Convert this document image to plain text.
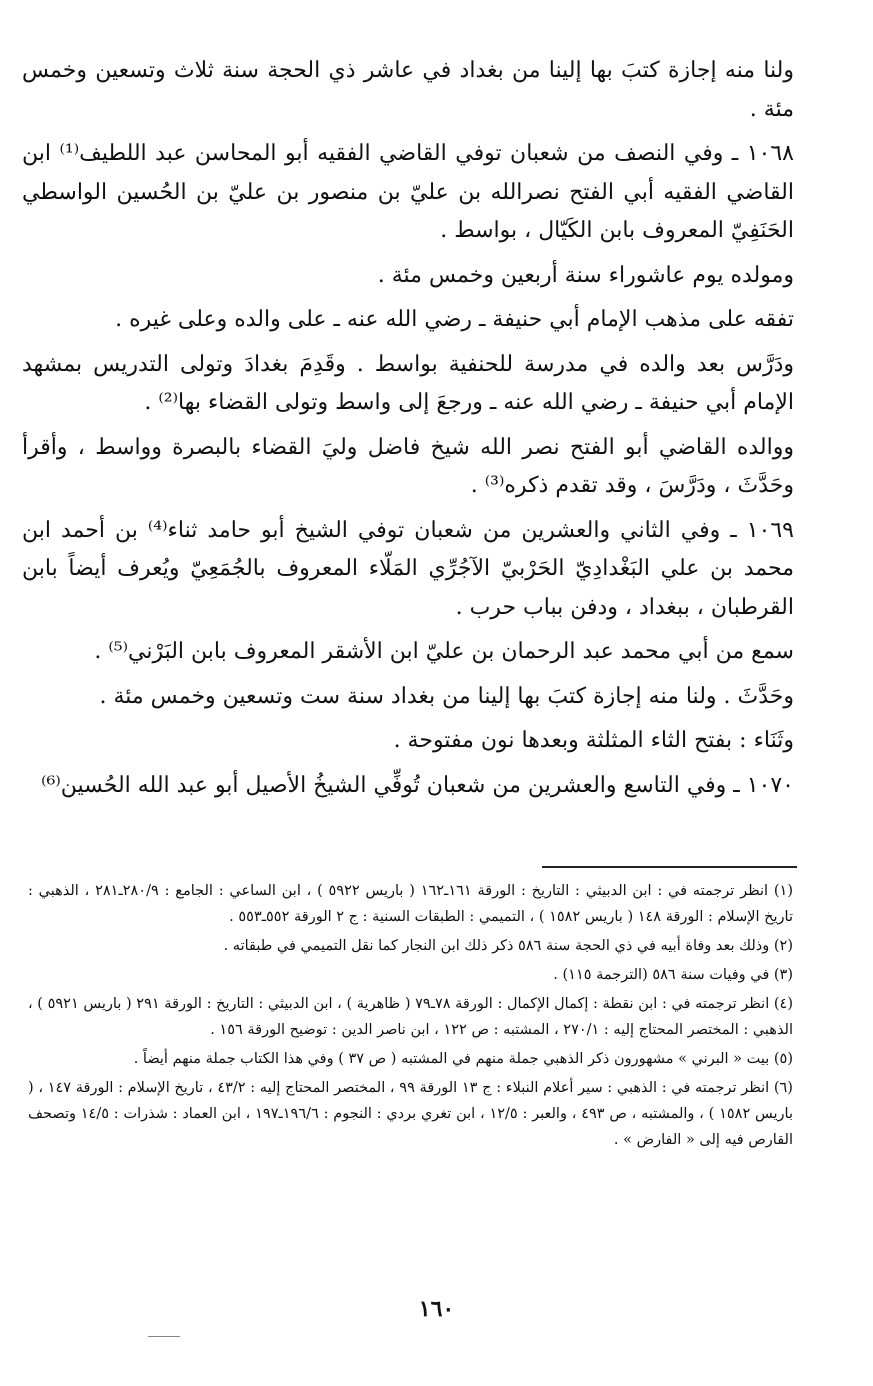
ولنا منه إجازة كتبَ بها إلينا من بغداد في عاشر ذي الحجة سنة ثلاث وتسعين وخمس مئة .

١٠٦٨ ـ وفي النصف من شعبان توفي القاضي الفقيه أبو المحاسن عبد اللطيف⁽¹⁾ ابن القاضي الفقيه أبي الفتح نصرالله بن عليّ بن منصور بن عليّ بن الحُسين الواسطي الحَنَفِيّ المعروف بابن الكَيّال ، بواسط .

ومولده يوم عاشوراء سنة أربعين وخمس مئة .

تفقه على مذهب الإمام أبي حنيفة ـ رضي الله عنه ـ على والده وعلى غيره .

ودَرَّس بعد والده في مدرسة للحنفية بواسط . وقَدِمَ بغدادَ وتولى التدريس بمشهد الإمام أبي حنيفة ـ رضي الله عنه ـ ورجعَ إلى واسط وتولى القضاء بها⁽²⁾ .

ووالده القاضي أبو الفتح نصر الله شيخ فاضل وليَ القضاء بالبصرة وواسط ، وأقرأ وحَدَّثَ ، ودَرَّسَ ، وقد تقدم ذكره⁽³⁾ .

١٠٦٩ ـ وفي الثاني والعشرين من شعبان توفي الشيخ أبو حامد ثناء⁽⁴⁾ بن أحمد ابن محمد بن علي البَغْدادِيّ الحَرْبيّ الآجُرِّي المَلّاء المعروف بالجُمَعِيّ ويُعرف أيضاً بابن القرطبان ، ببغداد ، ودفن بباب حرب .

سمع من أبي محمد عبد الرحمان بن عليّ ابن الأشقر المعروف بابن البَرْني⁽⁵⁾ .

وحَدَّثَ . ولنا منه إجازة كتبَ بها إلينا من بغداد سنة ست وتسعين وخمس مئة .

وثَنَاء : بفتح الثاء المثلثة وبعدها نون مفتوحة .

١٠٧٠ ـ وفي التاسع والعشرين من شعبان تُوفِّي الشيخُ الأصيل أبو عبد الله الحُسين⁽⁶⁾

(١) انظر ترجمته في : ابن الدبيثي : التاريخ : الورقة ١٦١ـ١٦٢ ( باريس ٥٩٢٢ ) ، ابن الساعي : الجامع : ٢٨٠/٩ـ٢٨١ ، الذهبي : تاريخ الإسلام : الورقة ١٤٨ ( باريس ١٥٨٢ ) ، التميمي : الطبقات السنية : ج ٢ الورقة ٥٥٢ـ٥٥٣ .

(٢) وذلك بعد وفاة أبيه في ذي الحجة سنة ٥٨٦ ذكر ذلك ابن النجار كما نقل التميمي في طبقاته .

(٣) في وفيات سنة ٥٨٦ (الترجمة ١١٥) .

(٤) انظر ترجمته في : ابن نقطة : إكمال الإكمال : الورقة ٧٨ـ٧٩ ( ظاهرية ) ، ابن الدبيثي : التاريخ : الورقة ٢٩١ ( باريس ٥٩٢١ ) ، الذهبي : المختصر المحتاج إليه : ٢٧٠/١ ، المشتبه : ص ١٢٢ ، ابن ناصر الدين : توضيح الورقة ١٥٦ .

(٥) بيت « البرني » مشهورون ذكر الذهبي جملة منهم في المشتبه ( ص ٣٧ ) وفي هذا الكتاب جملة منهم أيضاً .

(٦) انظر ترجمته في : الذهبي : سير أعلام النبلاء : ج ١٣ الورقة ٩٩ ، المختصر المحتاج إليه : ٤٣/٢ ، تاريخ الإسلام : الورقة ١٤٧ ، ( باريس ١٥٨٢ ) ، والمشتبه ، ص ٤٩٣ ، والعبر : ١٢/٥ ، ابن تغري بردي : النجوم : ١٩٦/٦ـ١٩٧ ، ابن العماد : شذرات : ١٤/٥ وتصحف القارص فيه إلى « الفارض » .

١٦٠
